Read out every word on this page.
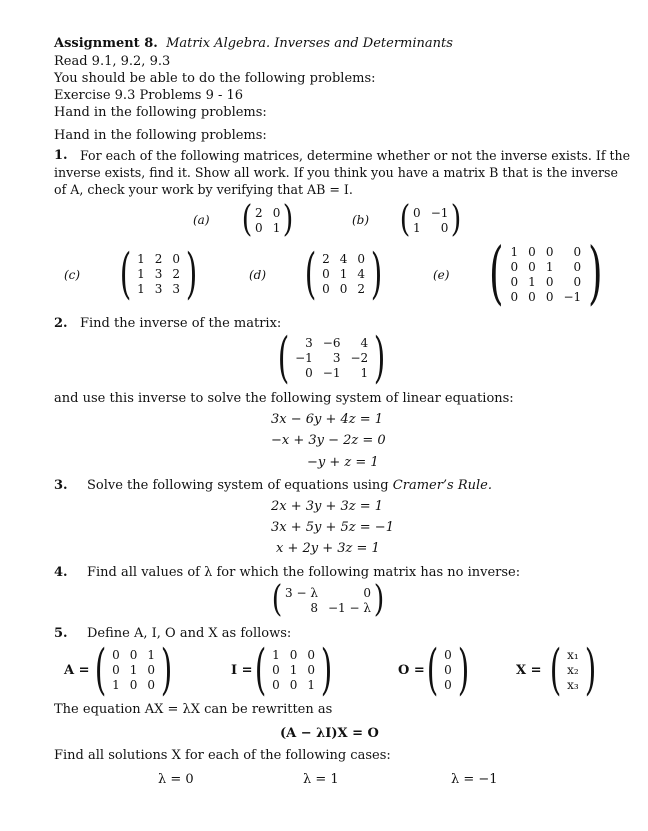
Assignment 8. Matrix Algebra. Inverses and Determinants
Read 9.1, 9.2, 9.3
You should be able to do the following problems:
Exercise 9.3 Problems 9 - 16
Hand in the following problems:
Hand in the following problems:
1. For each of the following matrices, determine whether or not the inverse exists. If the
inverse exists, find it. Show all work. If you think you have a matrix B that is the inverse
of A, check your work by verifying that AB = I.
(a) ( 2 0
0 1 )	(b) ( 0 −1
1	0 )
(c) ( 1 2 0
1 3 2
1 3 3 )	(d) ( 2 4 0
0 1 4
0 0 2 )	(e) ( 1 0 0	0
0 0 1	0
0 1 0	0
0 0 0 −1 )
2. Find the inverse of the matrix:
(	3 −6	4
−1	3 −2
0 −1	1 )
and use this inverse to solve the following system of linear equations:
3x − 6y + 4z = 1
−x + 3y − 2z = 0
−y + z = 1
3. Solve the following system of equations using Cramer’s Rule.
2x + 3y + 3z = 1
3x + 5y + 5z = −1
x + 2y + 3z = 1
4. Find all values of λ for which the following matrix has no inverse:
( 3 − λ	0
8 −1 − λ )
5. Define A, I, O and X as follows:
A = ( 0 0 1
0 1 0
1 0 0 )	I = ( 1 0 0
0 1 0
0 0 1 )	O = ( 0
0
0 )	X = ( x₁
x₂
x₃ )
The equation AX = λX can be rewritten as
(A − λI)X = O
Find all solutions X for each of the following cases:
λ = 0	λ = 1	λ = −1
